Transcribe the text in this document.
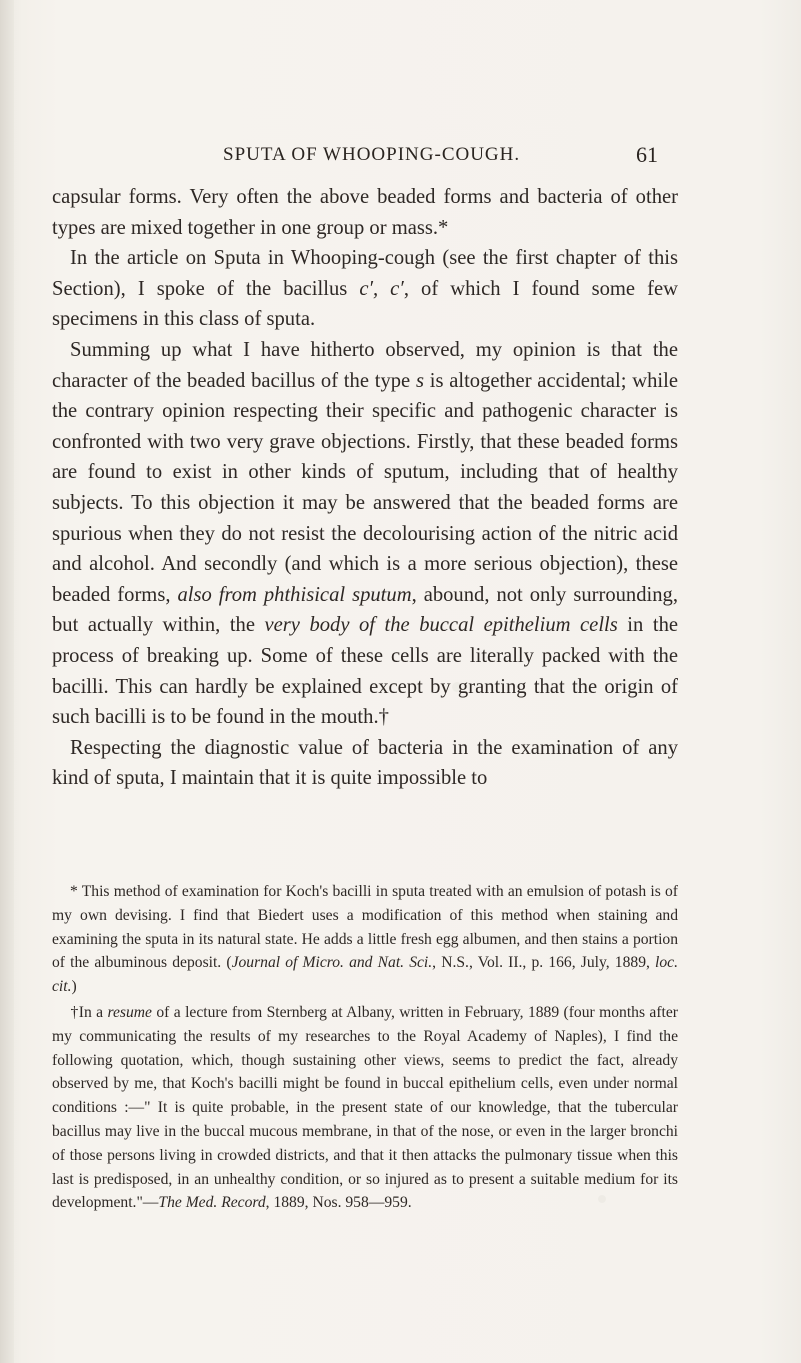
SPUTA OF WHOOPING-COUGH.	61

capsular forms. Very often the above beaded forms and bacteria of other types are mixed together in one group or mass.*

In the article on Sputa in Whooping-cough (see the first chapter of this Section), I spoke of the bacillus c′, c′, of which I found some few specimens in this class of sputa.

Summing up what I have hitherto observed, my opinion is that the character of the beaded bacillus of the type s is altogether accidental; while the contrary opinion respecting their specific and pathogenic character is confronted with two very grave objections. Firstly, that these beaded forms are found to exist in other kinds of sputum, including that of healthy subjects. To this objection it may be answered that the beaded forms are spurious when they do not resist the decolourising action of the nitric acid and alcohol. And secondly (and which is a more serious objection), these beaded forms, also from phthisical sputum, abound, not only surrounding, but actually within, the very body of the buccal epithelium cells in the process of breaking up. Some of these cells are literally packed with the bacilli. This can hardly be explained except by granting that the origin of such bacilli is to be found in the mouth.†

Respecting the diagnostic value of bacteria in the examination of any kind of sputa, I maintain that it is quite impossible to

* This method of examination for Koch's bacilli in sputa treated with an emulsion of potash is of my own devising. I find that Biedert uses a modification of this method when staining and examining the sputa in its natural state. He adds a little fresh egg albumen, and then stains a portion of the albuminous deposit. (Journal of Micro. and Nat. Sci., N.S., Vol. II., p. 166, July, 1889, loc. cit.)

†In a resume of a lecture from Sternberg at Albany, written in February, 1889 (four months after my communicating the results of my researches to the Royal Academy of Naples), I find the following quotation, which, though sustaining other views, seems to predict the fact, already observed by me, that Koch's bacilli might be found in buccal epithelium cells, even under normal conditions :—" It is quite probable, in the present state of our knowledge, that the tubercular bacillus may live in the buccal mucous membrane, in that of the nose, or even in the larger bronchi of those persons living in crowded districts, and that it then attacks the pulmonary tissue when this last is predisposed, in an unhealthy condition, or so injured as to present a suitable medium for its development."—The Med. Record, 1889, Nos. 958—959.
